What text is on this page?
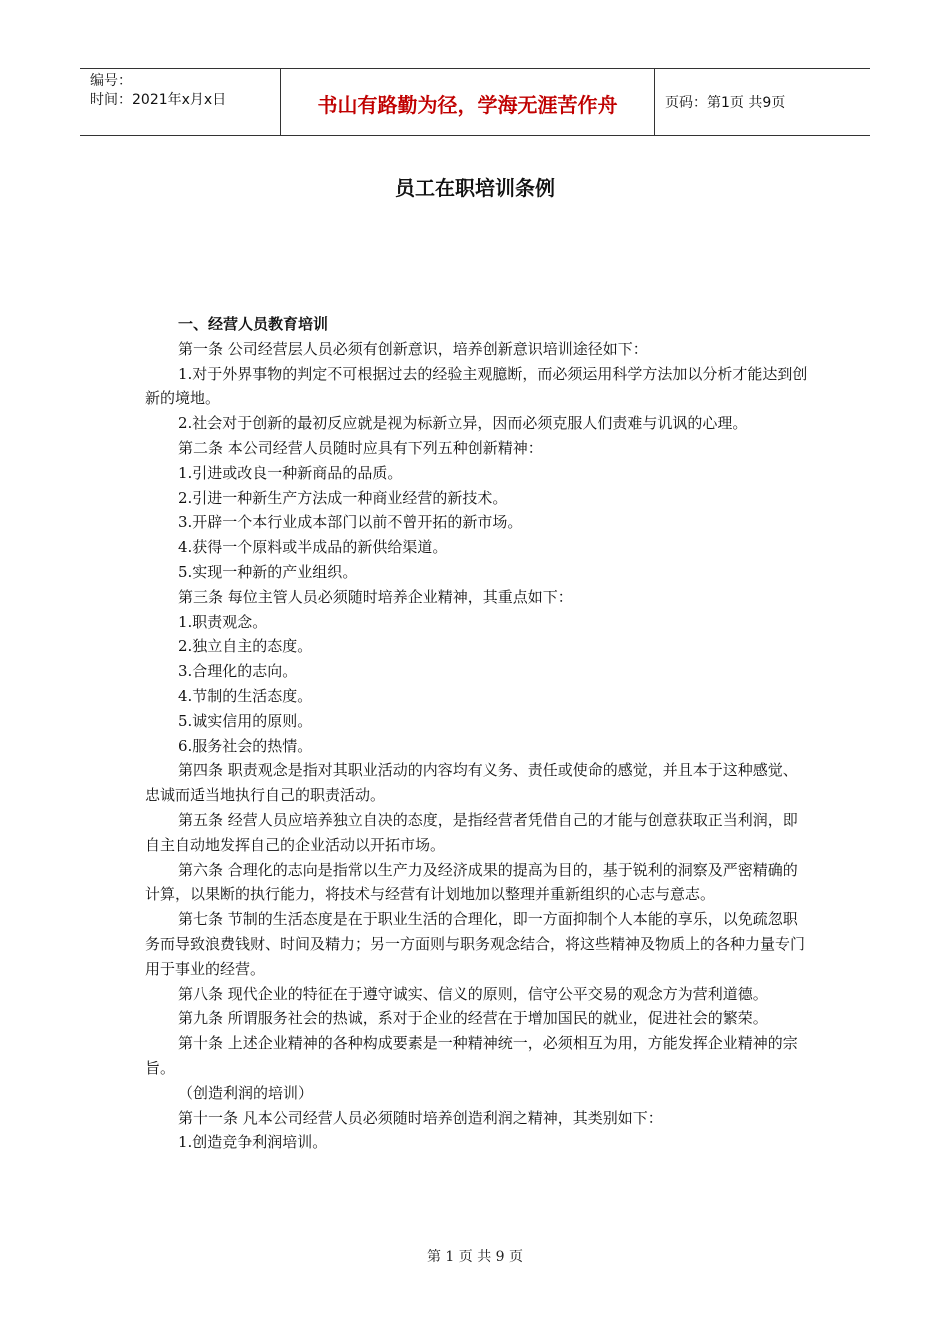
编号：
时间：2021年x月x日	书山有路勤为径，学海无涯苦作舟	页码：第1页 共9页
员工在职培训条例

一、经营人员教育培训

第一条 公司经营层人员必须有创新意识，培养创新意识培训途径如下：

1.对于外界事物的判定不可根据过去的经验主观臆断，而必须运用科学方法加以分析才能达到创新的境地。

2.社会对于创新的最初反应就是视为标新立异，因而必须克服人们责难与讥讽的心理。

第二条 本公司经营人员随时应具有下列五种创新精神：

1.引进或改良一种新商品的品质。

2.引进一种新生产方法成一种商业经营的新技术。

3.开辟一个本行业成本部门以前不曾开拓的新市场。

4.获得一个原料或半成品的新供给渠道。

5.实现一种新的产业组织。

第三条 每位主管人员必须随时培养企业精神，其重点如下：

1.职责观念。

2.独立自主的态度。

3.合理化的志向。

4.节制的生活态度。

5.诚实信用的原则。

6.服务社会的热情。

第四条 职责观念是指对其职业活动的内容均有义务、责任或使命的感觉，并且本于这种感觉、忠诚而适当地执行自己的职责活动。

第五条 经营人员应培养独立自决的态度，是指经营者凭借自己的才能与创意获取正当利润，即自主自动地发挥自己的企业活动以开拓市场。

第六条 合理化的志向是指常以生产力及经济成果的提高为目的，基于锐利的洞察及严密精确的计算，以果断的执行能力，将技术与经营有计划地加以整理并重新组织的心志与意志。

第七条 节制的生活态度是在于职业生活的合理化，即一方面抑制个人本能的享乐，以免疏忽职务而导致浪费钱财、时间及精力；另一方面则与职务观念结合，将这些精神及物质上的各种力量专门用于事业的经营。

第八条 现代企业的特征在于遵守诚实、信义的原则，信守公平交易的观念方为营利道德。

第九条 所谓服务社会的热诚，系对于企业的经营在于增加国民的就业，促进社会的繁荣。

第十条 上述企业精神的各种构成要素是一种精神统一，必须相互为用，方能发挥企业精神的宗旨。

（创造利润的培训）

第十一条 凡本公司经营人员必须随时培养创造利润之精神，其类别如下：

1.创造竞争利润培训。

第 1 页 共 9 页
